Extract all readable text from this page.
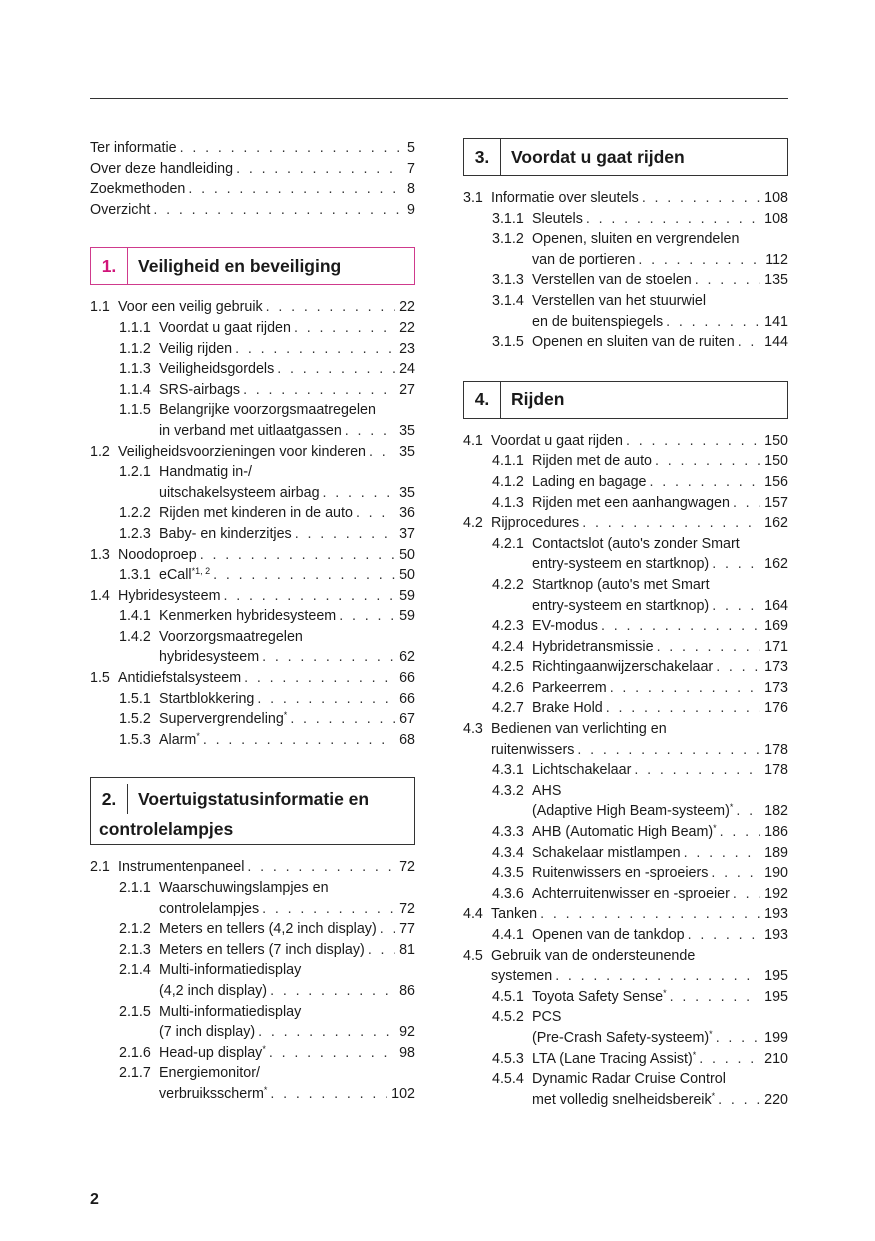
Ter informatie . . .	5
Over deze handleiding . . .	7
Zoekmethoden . . .	8
Overzicht . . .	9
1.	Veiligheid en beveiliging
1.1 Voor een veilig gebruik . . .	22
1.1.1 Voordat u gaat rijden . . .	22
1.1.2 Veilig rijden . . .	23
1.1.3 Veiligheidsgordels . . .	24
1.1.4 SRS-airbags . . .	27
1.1.5 Belangrijke voorzorgsmaatregelen
in verband met uitlaatgassen . . .	35
1.2 Veiligheidsvoorzieningen voor kinderen . . . 35
1.2.1 Handmatig in-/
uitschakelsysteem airbag . . .	35
1.2.2 Rijden met kinderen in de auto . . .	36
1.2.3 Baby- en kinderzitjes . . .	37
1.3 Noodoproep . . .	50
1.3.1 eCall$^{*1, 2}$ . . .	50
1.4 Hybridesysteem . . .	59
1.4.1 Kenmerken hybridesysteem . . .	59
1.4.2 Voorzorgsmaatregelen
hybridesysteem . . .	62
1.5 Antidiefstalsysteem . . .	66
1.5.1 Startblokkering . . .	66
1.5.2 Supervergrendeling* . . .	67
1.5.3 Alarm* . . .	68
2.	Voertuigstatusinformatie en
controlelampjes
2.1 Instrumentenpaneel . . .	72
2.1.1 Waarschuwingslampjes en
controlelampjes . . .	72
2.1.2 Meters en tellers (4,2 inch display) . . . 77
2.1.3 Meters en tellers (7 inch display) . . . 81
2.1.4 Multi-informatiedisplay
(4,2 inch display) . . .	86
2.1.5 Multi-informatiedisplay
(7 inch display) . . .	92
2.1.6 Head-up display* . . .	98
2.1.7 Energiemonitor/
verbruiksscherm* . . .	102
3.	Voordat u gaat rijden
3.1 Informatie over sleutels . . .	108
3.1.1 Sleutels . . .	108
3.1.2 Openen, sluiten en vergrendelen
van de portieren . . .	112
3.1.3 Verstellen van de stoelen . . .	135
3.1.4 Verstellen van het stuurwiel
en de buitenspiegels . . .	141
3.1.5 Openen en sluiten van de ruiten . . . 144
4.	Rijden
4.1 Voordat u gaat rijden . . .	150
4.1.1 Rijden met de auto . . .	150
4.1.2 Lading en bagage . . .	156
4.1.3 Rijden met een aanhangwagen . . . 157
4.2 Rijprocedures . . .	162
4.2.1 Contactslot (auto's zonder Smart
entry-systeem en startknop) . . .	162
4.2.2 Startknop (auto's met Smart
entry-systeem en startknop) . . .	164
4.2.3 EV-modus . . .	169
4.2.4 Hybridetransmissie . . .	171
4.2.5 Richtingaanwijzerschakelaar . . .	173
4.2.6 Parkeerrem . . .	173
4.2.7 Brake Hold . . .	176
4.3 Bedienen van verlichting en
ruitenwissers . . .	178
4.3.1 Lichtschakelaar . . .	178
4.3.2 AHS
(Adaptive High Beam-systeem)* . . . 182
4.3.3 AHB (Automatic High Beam)* . . .	186
4.3.4 Schakelaar mistlampen . . .	189
4.3.5 Ruitenwissers en -sproeiers . . .	190
4.3.6 Achterruitenwisser en -sproeier . . . 192
4.4 Tanken . . .	193
4.4.1 Openen van de tankdop . . .	193
4.5 Gebruik van de ondersteunende
systemen . . .	195
4.5.1 Toyota Safety Sense* . . .	195
4.5.2 PCS
(Pre-Crash Safety-systeem)* . . .	199
4.5.3 LTA (Lane Tracing Assist)* . . .	210
4.5.4 Dynamic Radar Cruise Control
met volledig snelheidsbereik* . . .	220
2
